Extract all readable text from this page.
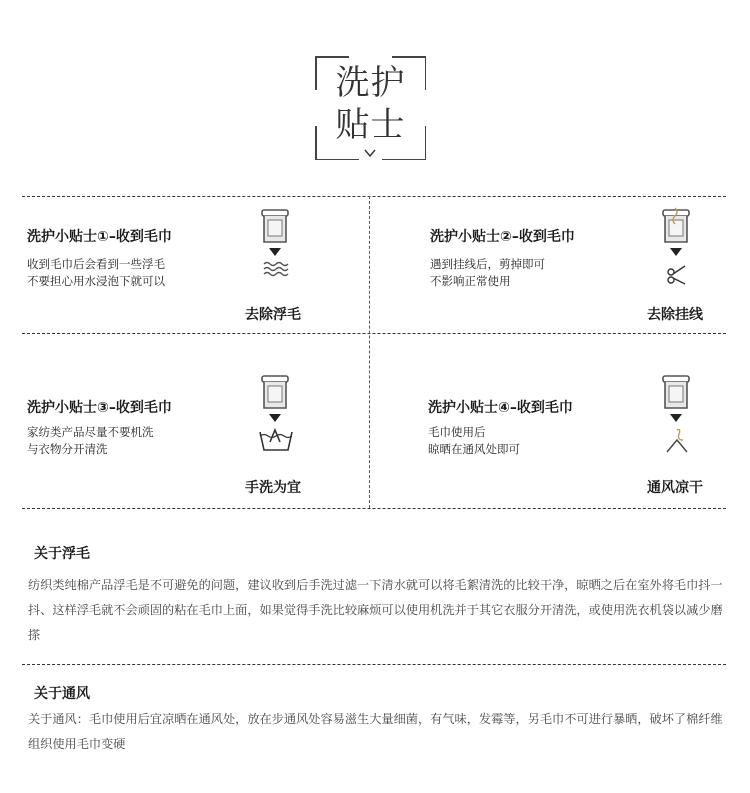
洗护
贴士
洗护小贴士①–收到毛巾
收到毛巾后会看到一些浮毛
不要担心用水浸泡下就可以
去除浮毛
洗护小贴士②–收到毛巾
遇到挂线后，剪掉即可
不影响正常使用
去除挂线
洗护小贴士③–收到毛巾
家纺类产品尽量不要机洗
与衣物分开清洗
手洗为宜
洗护小贴士④–收到毛巾
毛巾使用后
晾晒在通风处即可
通风凉干
关于浮毛
纺织类纯棉产品浮毛是不可避免的问题，建议收到后手洗过滤一下清水就可以将毛絮清洗的比较干净，晾晒之后在室外将毛巾抖一抖、这样浮毛就不会顽固的粘在毛巾上面，如果觉得手洗比较麻烦可以使用机洗并于其它衣服分开清洗，或使用洗衣机袋以减少磨搽
关于通风
关于通风：毛巾使用后宜凉晒在通风处，放在步通风处容易滋生大量细菌，有气味，发霉等，另毛巾不可进行暴晒，破坏了棉纤维组织使用毛巾变硬
